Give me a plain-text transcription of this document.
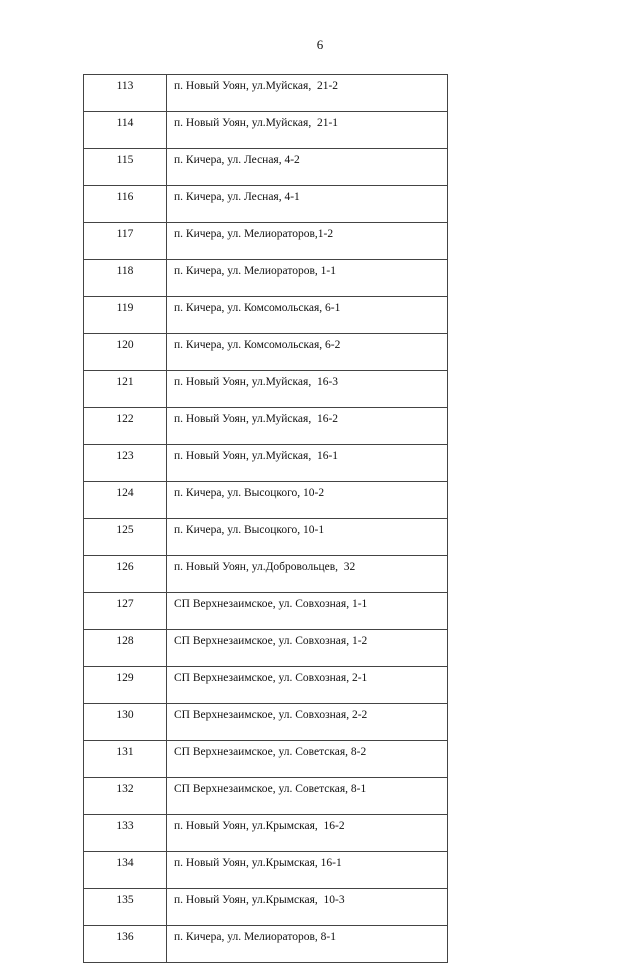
6
113	п. Новый Уоян, ул.Муйская,  21-2
114	п. Новый Уоян, ул.Муйская,  21-1
115	п. Кичера, ул. Лесная, 4-2
116	п. Кичера, ул. Лесная, 4-1
117	п. Кичера, ул. Мелиораторов,1-2
118	п. Кичера, ул. Мелиораторов, 1-1
119	п. Кичера, ул. Комсомольская, 6-1
120	п. Кичера, ул. Комсомольская, 6-2
121	п. Новый Уоян, ул.Муйская,  16-3
122	п. Новый Уоян, ул.Муйская,  16-2
123	п. Новый Уоян, ул.Муйская,  16-1
124	п. Кичера, ул. Высоцкого, 10-2
125	п. Кичера, ул. Высоцкого, 10-1
126	п. Новый Уоян, ул.Добровольцев,  32
127	СП Верхнезаимское, ул. Совхозная, 1-1
128	СП Верхнезаимское, ул. Совхозная, 1-2
129	СП Верхнезаимское, ул. Совхозная, 2-1
130	СП Верхнезаимское, ул. Совхозная, 2-2
131	СП Верхнезаимское, ул. Советская, 8-2
132	СП Верхнезаимское, ул. Советская, 8-1
133	п. Новый Уоян, ул.Крымская,  16-2
134	п. Новый Уоян, ул.Крымская, 16-1
135	п. Новый Уоян, ул.Крымская,  10-3
136	п. Кичера, ул. Мелиораторов, 8-1
